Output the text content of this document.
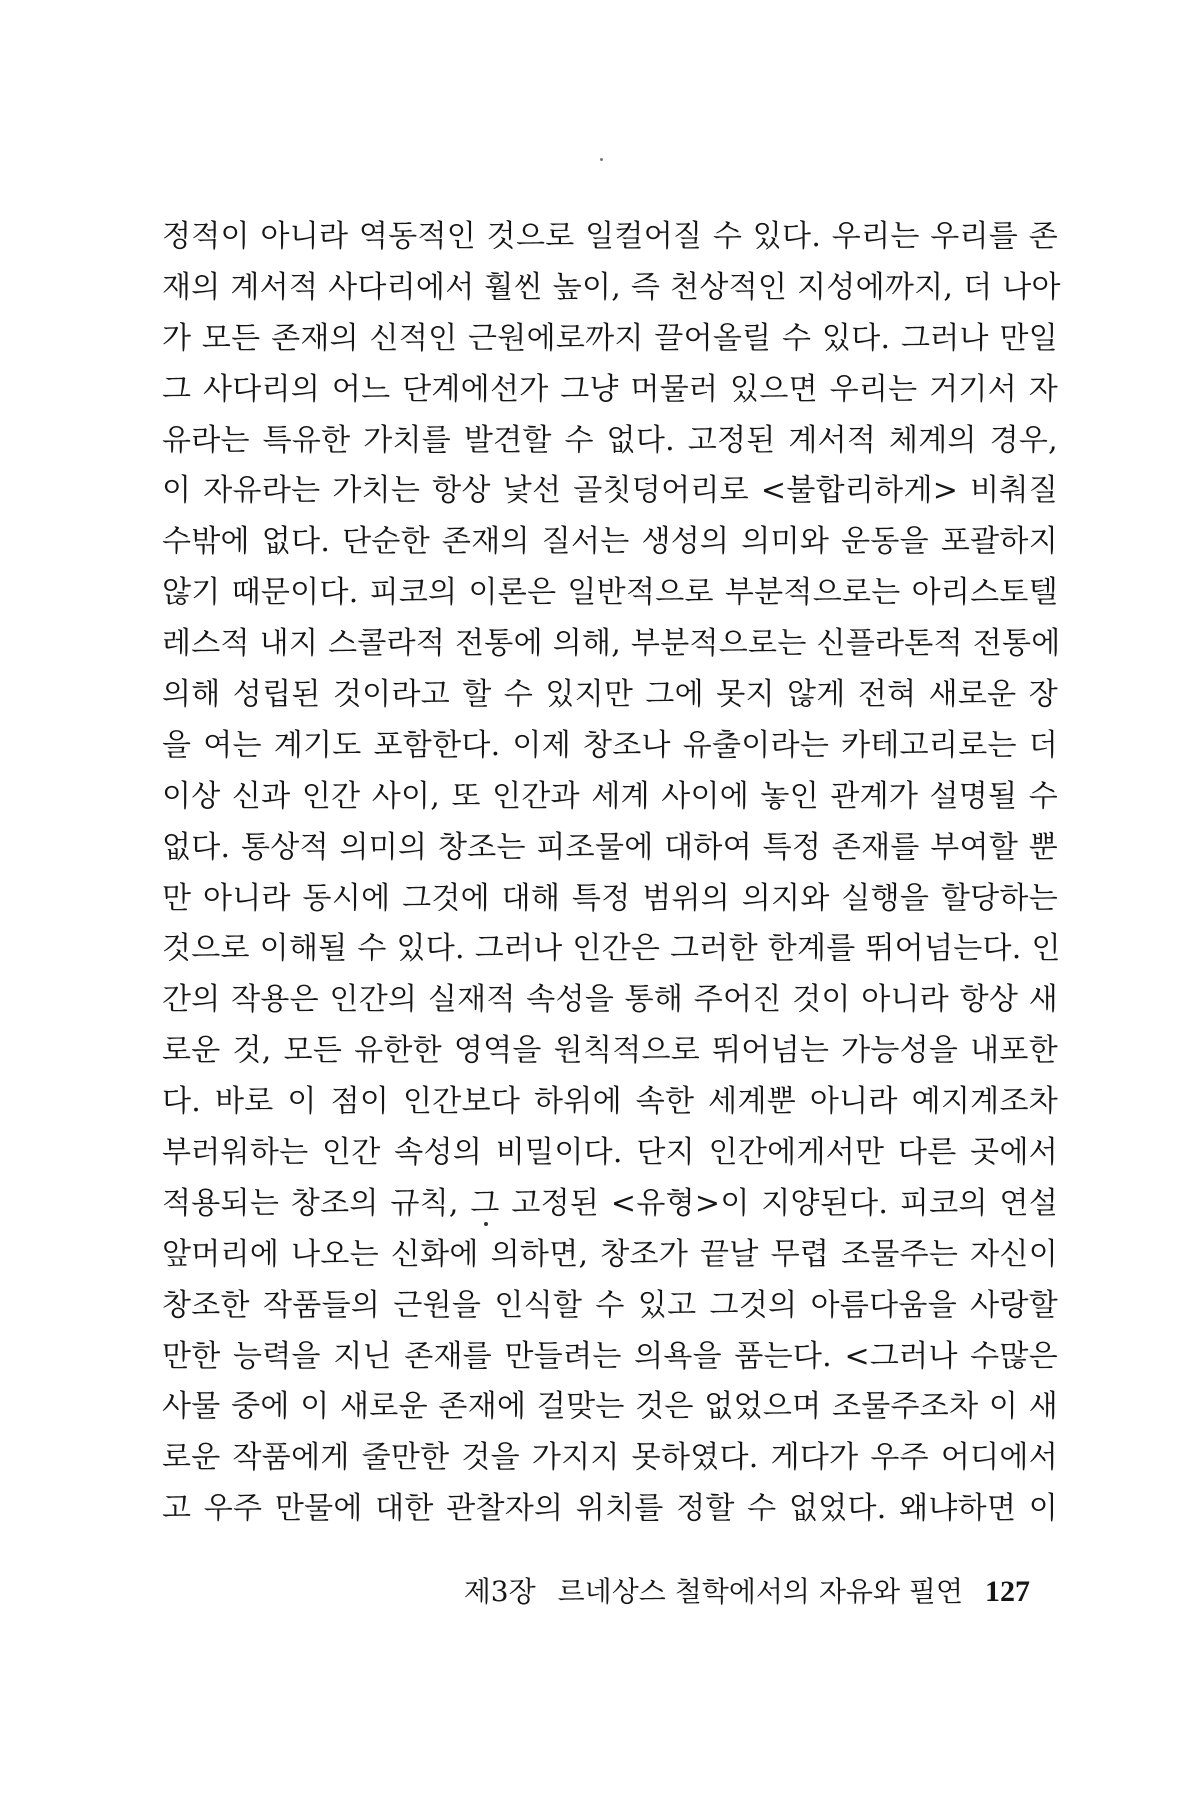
정적이 아니라 역동적인 것으로 일컬어질 수 있다. 우리는 우리를 존
재의 계서적 사다리에서 훨씬 높이, 즉 천상적인 지성에까지, 더 나아
가 모든 존재의 신적인 근원에로까지 끌어올릴 수 있다. 그러나 만일
그 사다리의 어느 단계에선가 그냥 머물러 있으면 우리는 거기서 자
유라는 특유한 가치를 발견할 수 없다. 고정된 계서적 체계의 경우,
이 자유라는 가치는 항상 낯선 골칫덩어리로 <불합리하게> 비춰질
수밖에 없다. 단순한 존재의 질서는 생성의 의미와 운동을 포괄하지
않기 때문이다. 피코의 이론은 일반적으로 부분적으로는 아리스토텔
레스적 내지 스콜라적 전통에 의해, 부분적으로는 신플라톤적 전통에
의해 성립된 것이라고 할 수 있지만 그에 못지 않게 전혀 새로운 장
을 여는 계기도 포함한다. 이제 창조나 유출이라는 카테고리로는 더
이상 신과 인간 사이, 또 인간과 세계 사이에 놓인 관계가 설명될 수
없다. 통상적 의미의 창조는 피조물에 대하여 특정 존재를 부여할 뿐
만 아니라 동시에 그것에 대해 특정 범위의 의지와 실행을 할당하는
것으로 이해될 수 있다. 그러나 인간은 그러한 한계를 뛰어넘는다. 인
간의 작용은 인간의 실재적 속성을 통해 주어진 것이 아니라 항상 새
로운 것, 모든 유한한 영역을 원칙적으로 뛰어넘는 가능성을 내포한
다. 바로 이 점이 인간보다 하위에 속한 세계뿐 아니라 예지계조차
부러워하는 인간 속성의 비밀이다. 단지 인간에게서만 다른 곳에서
적용되는 창조의 규칙, 그 고정된 <유형>이 지양된다. 피코의 연설
앞머리에 나오는 신화에 의하면, 창조가 끝날 무렵 조물주는 자신이
창조한 작품들의 근원을 인식할 수 있고 그것의 아름다움을 사랑할
만한 능력을 지닌 존재를 만들려는 의욕을 품는다. <그러나 수많은
사물 중에 이 새로운 존재에 걸맞는 것은 없었으며 조물주조차 이 새
로운 작품에게 줄만한 것을 가지지 못하였다. 게다가 우주 어디에서
고 우주 만물에 대한 관찰자의 위치를 정할 수 없었다. 왜냐하면 이
제3장 르네상스 철학에서의 자유와 필연 127
